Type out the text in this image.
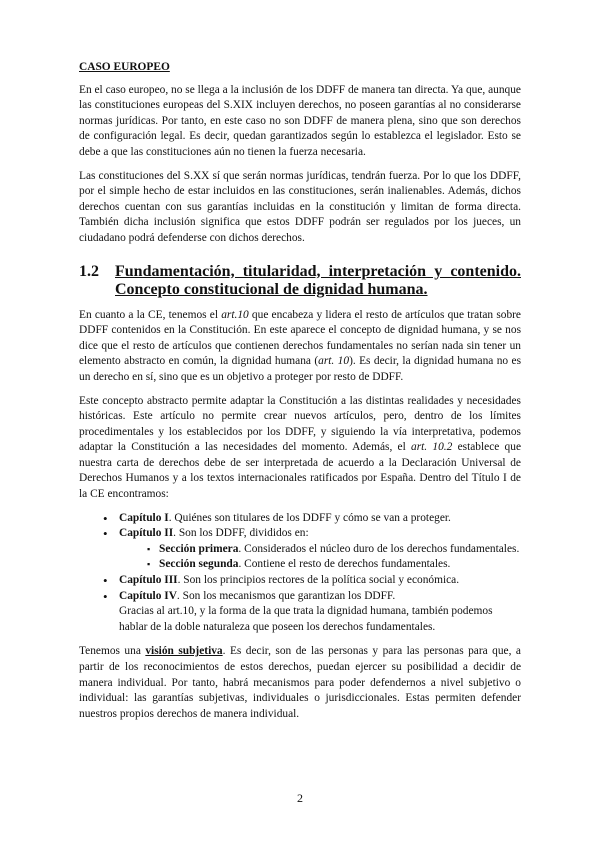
CASO EUROPEO

En el caso europeo, no se llega a la inclusión de los DDFF de manera tan directa. Ya que, aunque las constituciones europeas del S.XIX incluyen derechos, no poseen garantías al no considerarse normas jurídicas. Por tanto, en este caso no son DDFF de manera plena, sino que son derechos de configuración legal. Es decir, quedan garantizados según lo establezca el legislador. Esto se debe a que las constituciones aún no tienen la fuerza necesaria.

Las constituciones del S.XX sí que serán normas jurídicas, tendrán fuerza. Por lo que los DDFF, por el simple hecho de estar incluidos en las constituciones, serán inalienables. Además, dichos derechos cuentan con sus garantías incluidas en la constitución y limitan de forma directa. También dicha inclusión significa que estos DDFF podrán ser regulados por los jueces, un ciudadano podrá defenderse con dichos derechos.

1.2 Fundamentación, titularidad, interpretación y contenido. Concepto constitucional de dignidad humana.

En cuanto a la CE, tenemos el art.10 que encabeza y lidera el resto de artículos que tratan sobre DDFF contenidos en la Constitución. En este aparece el concepto de dignidad humana, y se nos dice que el resto de artículos que contienen derechos fundamentales no serían nada sin tener un elemento abstracto en común, la dignidad humana (art. 10). Es decir, la dignidad humana no es un derecho en sí, sino que es un objetivo a proteger por resto de DDFF.

Este concepto abstracto permite adaptar la Constitución a las distintas realidades y necesidades históricas. Este artículo no permite crear nuevos artículos, pero, dentro de los límites procedimentales y los establecidos por los DDFF, y siguiendo la vía interpretativa, podemos adaptar la Constitución a las necesidades del momento. Además, el art. 10.2 establece que nuestra carta de derechos debe de ser interpretada de acuerdo a la Declaración Universal de Derechos Humanos y a los textos internacionales ratificados por España. Dentro del Título I de la CE encontramos:

• Capítulo I. Quiénes son titulares de los DDFF y cómo se van a proteger.
• Capítulo II. Son los DDFF, divididos en:
▪ Sección primera. Considerados el núcleo duro de los derechos fundamentales.
▪ Sección segunda. Contiene el resto de derechos fundamentales.
• Capítulo III. Son los principios rectores de la política social y económica.
• Capítulo IV. Son los mecanismos que garantizan los DDFF.
Gracias al art.10, y la forma de la que trata la dignidad humana, también podemos hablar de la doble naturaleza que poseen los derechos fundamentales.

Tenemos una visión subjetiva. Es decir, son de las personas y para las personas para que, a partir de los reconocimientos de estos derechos, puedan ejercer su posibilidad a decidir de manera individual. Por tanto, habrá mecanismos para poder defendernos a nivel subjetivo o individual: las garantías subjetivas, individuales o jurisdiccionales. Estas permiten defender nuestros propios derechos de manera individual.

2
